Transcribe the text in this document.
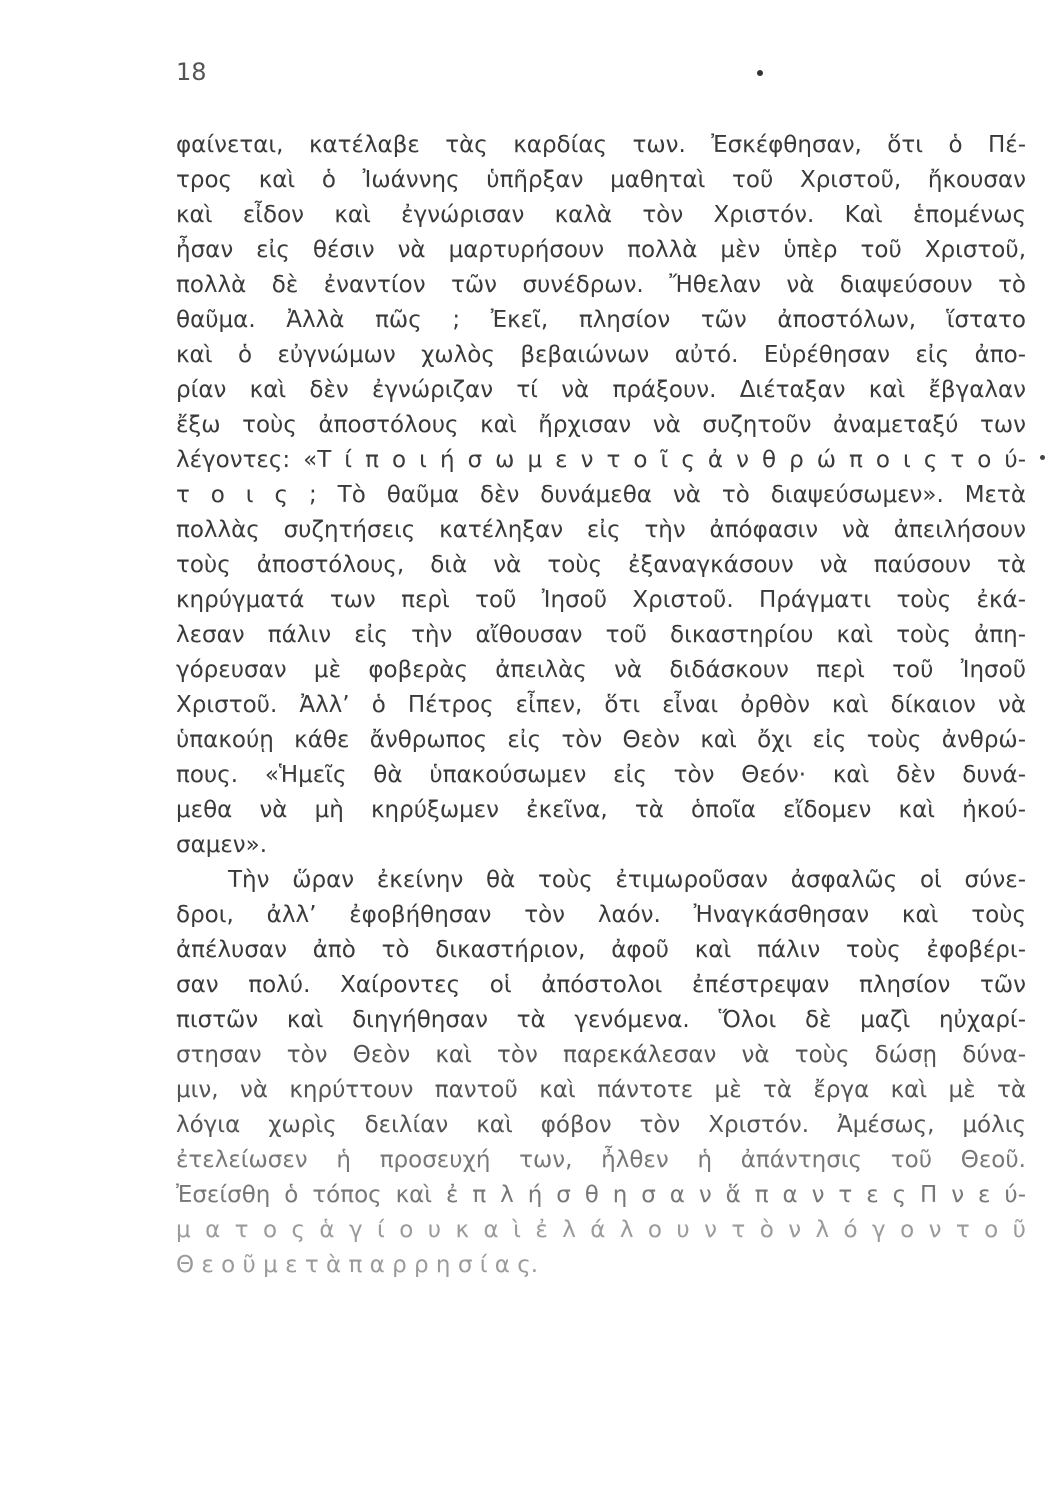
18
φαίνεται, κατέλαβε τὰς καρδίας των. Ἐσκέφθησαν, ὅτι ὁ Πέ-
τρος καὶ ὁ Ἰωάννης ὑπῆρξαν μαθηταὶ τοῦ Χριστοῦ, ἤκουσαν
καὶ εἶδον καὶ ἐγνώρισαν καλὰ τὸν Χριστόν. Καὶ ἑπομένως
ἦσαν εἰς θέσιν νὰ μαρτυρήσουν πολλὰ μὲν ὑπὲρ τοῦ Χριστοῦ,
πολλὰ δὲ ἐναντίον τῶν συνέδρων. Ἤθελαν νὰ διαψεύσουν τὸ
θαῦμα. Ἀλλὰ πῶς ; Ἐκεῖ, πλησίον τῶν ἀποστόλων, ἵστατο
καὶ ὁ εὐγνώμων χωλὸς βεβαιώνων αὐτό. Εὑρέθησαν εἰς ἀπο-
ρίαν καὶ δὲν ἐγνώριζαν τί νὰ πράξουν. Διέταξαν καὶ ἔβγαλαν
ἔξω τοὺς ἀποστόλους καὶ ἤρχισαν νὰ συζητοῦν ἀναμεταξύ των
λέγοντες: «Τ ί π ο ι ή σ ω μ ε ν τ ο ῖ ς ἀ ν θ ρ ώ π ο ι ς τ ο ύ-
τ ο ι ς ; Τὸ θαῦμα δὲν δυνάμεθα νὰ τὸ διαψεύσωμεν». Μετὰ
πολλὰς συζητήσεις κατέληξαν εἰς τὴν ἀπόφασιν νὰ ἀπειλήσουν
τοὺς ἀποστόλους, διὰ νὰ τοὺς ἐξαναγκάσουν νὰ παύσουν τὰ
κηρύγματά των περὶ τοῦ Ἰησοῦ Χριστοῦ. Πράγματι τοὺς ἐκά-
λεσαν πάλιν εἰς τὴν αἴθουσαν τοῦ δικαστηρίου καὶ τοὺς ἀπη-
γόρευσαν μὲ φοβερὰς ἀπειλὰς νὰ διδάσκουν περὶ τοῦ Ἰησοῦ
Χριστοῦ. Ἀλλ’ ὁ Πέτρος εἶπεν, ὅτι εἶναι ὀρθὸν καὶ δίκαιον νὰ
ὑπακούῃ κάθε ἄνθρωπος εἰς τὸν Θεὸν καὶ ὄχι εἰς τοὺς ἀνθρώ-
πους. «Ἡμεῖς θὰ ὑπακούσωμεν εἰς τὸν Θεόν· καὶ δὲν δυνά-
μεθα νὰ μὴ κηρύξωμεν ἐκεῖνα, τὰ ὁποῖα εἴδομεν καὶ ἠκού-
σαμεν».
Τὴν ὥραν ἐκείνην θὰ τοὺς ἐτιμωροῦσαν ἀσφαλῶς οἱ σύνε-
δροι, ἀλλ’ ἐφοβήθησαν τὸν λαόν. Ἠναγκάσθησαν καὶ τοὺς
ἀπέλυσαν ἀπὸ τὸ δικαστήριον, ἀφοῦ καὶ πάλιν τοὺς ἐφοβέρι-
σαν πολύ. Χαίροντες οἱ ἀπόστολοι ἐπέστρεψαν πλησίον τῶν
πιστῶν καὶ διηγήθησαν τὰ γενόμενα. Ὅλοι δὲ μαζὶ ηὐχαρί-
στησαν τὸν Θεὸν καὶ τὸν παρεκάλεσαν νὰ τοὺς δώσῃ δύνα-
μιν, νὰ κηρύττουν παντοῦ καὶ πάντοτε μὲ τὰ ἔργα καὶ μὲ τὰ
λόγια χωρὶς δειλίαν καὶ φόβον τὸν Χριστόν. Ἀμέσως, μόλις
ἐτελείωσεν ἡ προσευχή των, ἦλθεν ἡ ἀπάντησις τοῦ Θεοῦ.
Ἐσείσθη ὁ τόπος καὶ ἐ π λ ή σ θ η σ α ν ἅ π α ν τ ε ς Π ν ε ύ-
μ α τ ο ς ἁ γ ί ο υ κ α ὶ ἐ λ ά λ ο υ ν τ ὸ ν λ ό γ ο ν τ ο ῦ
Θ ε ο ῦ μ ε τ ὰ π α ρ ρ η σ ί α ς.
